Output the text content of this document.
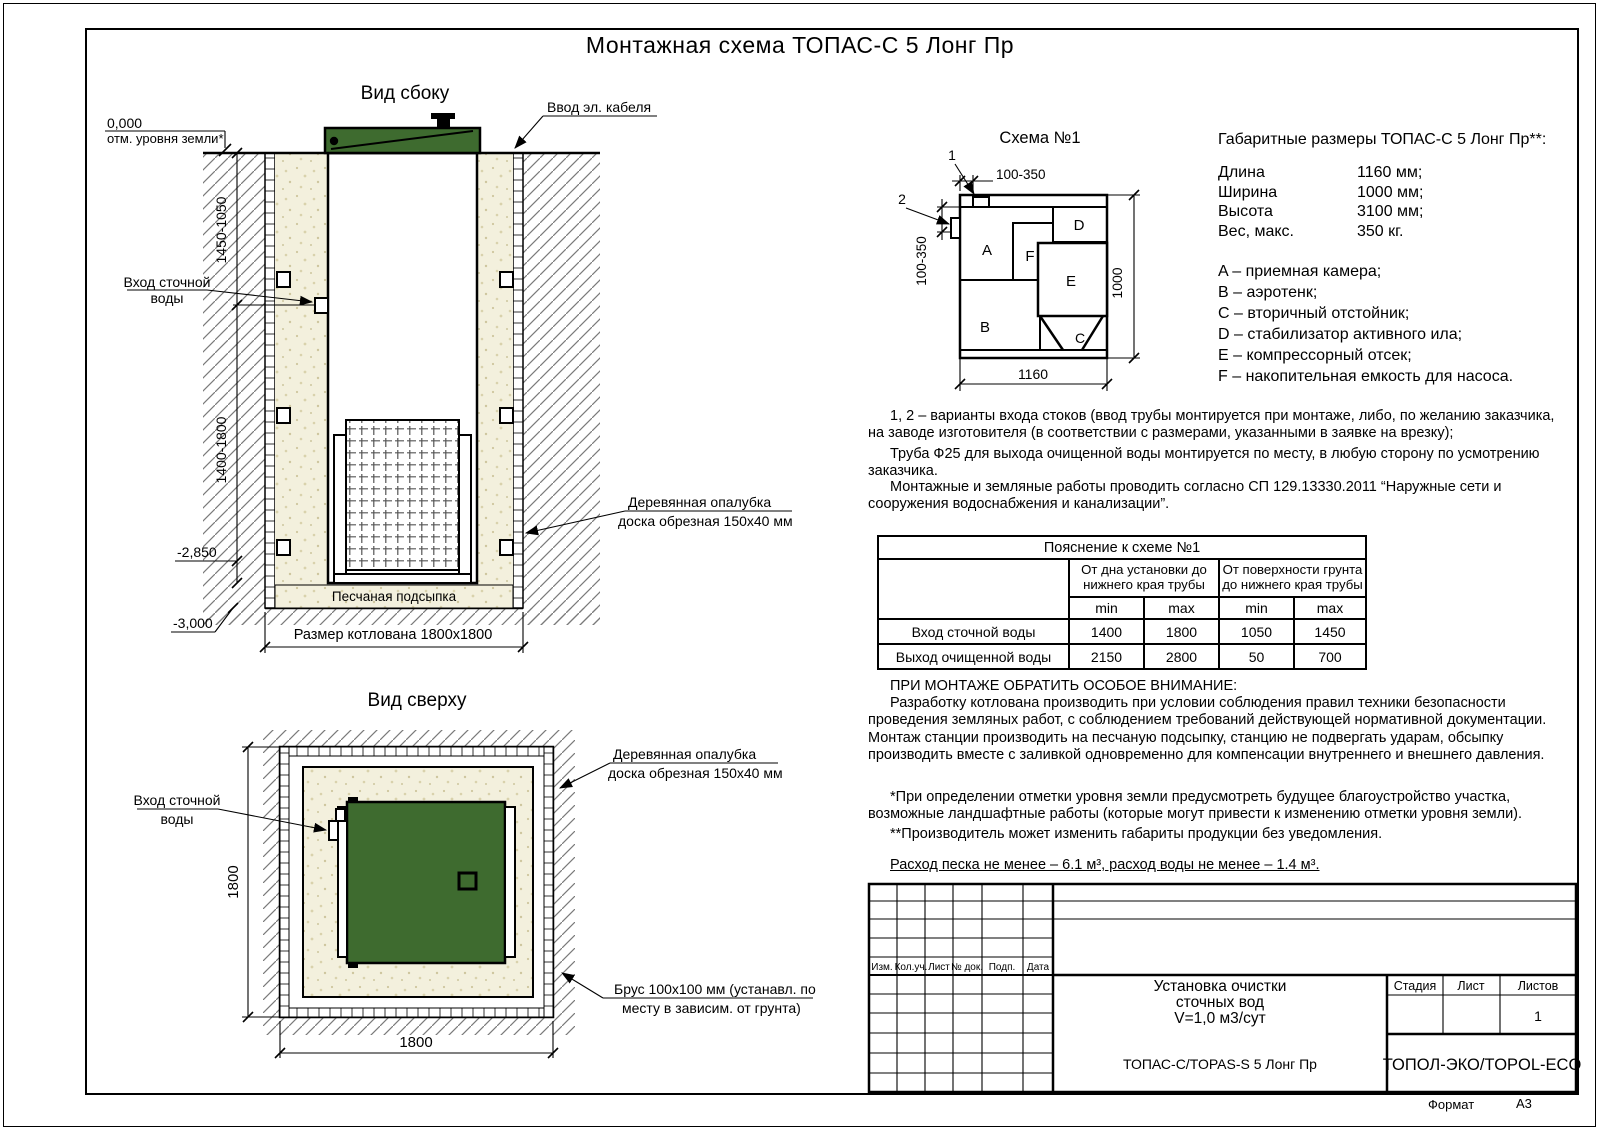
Монтажная схема ТОПАС-С 5 Лонг Пр
Вид сбоку
Ввод эл. кабеля
0,000
отм. уровня земли*
1450-1050
1400-1800
Вход сточной
воды
-2,850
-3,000
Песчаная подсыпка
Размер котлована 1800х1800
Деревянная опалубка
доска обрезная 150х40 мм
Вид сверху
1800
1800
Вход сточной
воды
Деревянная опалубка
доска обрезная 150х40 мм
Брус 100х100 мм (устанавл. по
месту в зависим. от грунта)
Схема №1
A F
D
E
B
C
1
2
100-350
100-350	1000
1160
Габаритные размеры ТОПАС-С 5 Лонг Пр**:
Длина	1160 мм;
Ширина	1000 мм;
Высота	3100 мм;
Вес, макс.	350 кг.
A – приемная камера;
B – аэротенк;
C – вторичный отстойник;
D – стабилизатор активного ила;
E – компрессорный отсек;
F – накопительная емкость для насоса.

1, 2 – варианты входа стоков (ввод трубы монтируется при монтаже, либо, по желанию заказчика, на заводе изготовителя (в соответствии с размерами, указанными в заявке на врезку);

Труба Ф25 для выхода очищенной воды монтируется по месту, в любую сторону по усмотрению заказчика.

Монтажные и земляные работы проводить согласно СП 129.13330.2011 “Наружные сети и сооружения водоснабжения и канализации”.

Пояснение к схеме №1				
	От дна установки до нижнего края трубы		От поверхности грунта до нижнего края трубы	
	min	max	min	max
Вход сточной воды	1400	1800	1050	1450
Выход очищенной воды	2150	2800	50	700
ПРИ МОНТАЖЕ ОБРАТИТЬ ОСОБОЕ ВНИМАНИЕ:

Разработку котлована производить при условии соблюдения правил техники безопасности проведения земляных работ, с соблюдением требований действующей нормативной документации. Монтаж станции производить на песчаную подсыпку, станцию не подвергать ударам, обсыпку производить вместе с заливкой одновременно для компенсации внутреннего и внешнего давления.

*При определении отметки уровня земли предусмотреть будущее благоустройство участка, возможные ландшафтные работы (которые могут привести к изменению отметки уровня земли).

**Производитель может изменить габариты продукции без уведомления.

Расход песка не менее – 6.1 м³, расход воды не менее – 1.4 м³.
Изм. Кол.уч. Лист № док. Подп. Дата
Стадия Лист	Листов
1
Установка очистки
сточных вод
V=1,0 м3/сут
ТОПАС-С/TOPAS-S 5 Лонг Пр	ТОПОЛ-ЭКО/TOPOL-ECO
Формат	А3
